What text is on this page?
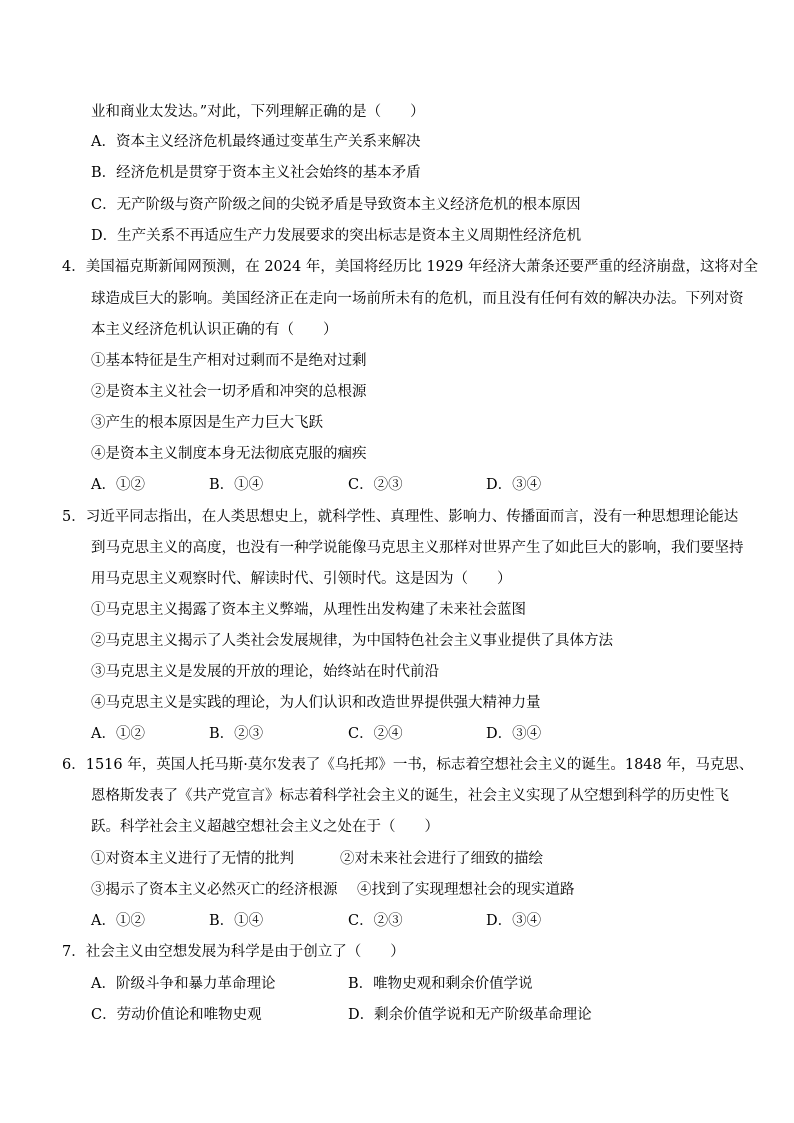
业和商业太发达。”对此，下列理解正确的是（　　）
A．资本主义经济危机最终通过变革生产关系来解决
B．经济危机是贯穿于资本主义社会始终的基本矛盾
C．无产阶级与资产阶级之间的尖锐矛盾是导致资本主义经济危机的根本原因
D．生产关系不再适应生产力发展要求的突出标志是资本主义周期性经济危机
4．美国福克斯新闻网预测，在 2024 年，美国将经历比 1929 年经济大萧条还要严重的经济崩盘，这将对全
球造成巨大的影响。美国经济正在走向一场前所未有的危机，而且没有任何有效的解决办法。下列对资
本主义经济危机认识正确的有（　　）
①基本特征是生产相对过剩而不是绝对过剩
②是资本主义社会一切矛盾和冲突的总根源
③产生的根本原因是生产力巨大飞跃
④是资本主义制度本身无法彻底克服的痼疾
A．①②	B．①④	C．②③	D．③④
5．习近平同志指出，在人类思想史上，就科学性、真理性、影响力、传播面而言，没有一种思想理论能达
到马克思主义的高度，也没有一种学说能像马克思主义那样对世界产生了如此巨大的影响，我们要坚持
用马克思主义观察时代、解读时代、引领时代。这是因为（　　）
①马克思主义揭露了资本主义弊端，从理性出发构建了未来社会蓝图
②马克思主义揭示了人类社会发展规律，为中国特色社会主义事业提供了具体方法
③马克思主义是发展的开放的理论，始终站在时代前沿
④马克思主义是实践的理论，为人们认识和改造世界提供强大精神力量
A．①②	B．②③	C．②④	D．③④
6．1516 年，英国人托马斯·莫尔发表了《乌托邦》一书，标志着空想社会主义的诞生。1848 年，马克思、
恩格斯发表了《共产党宣言》标志着科学社会主义的诞生，社会主义实现了从空想到科学的历史性飞
跃。科学社会主义超越空想社会主义之处在于（　　）
①对资本主义进行了无情的批判	②对未来社会进行了细致的描绘
③揭示了资本主义必然灭亡的经济根源 ④找到了实现理想社会的现实道路
A．①②	B．①④	C．②③	D．③④
7．社会主义由空想发展为科学是由于创立了（　　）
A．阶级斗争和暴力革命理论	B．唯物史观和剩余价值学说
C．劳动价值论和唯物史观	D．剩余价值学说和无产阶级革命理论
